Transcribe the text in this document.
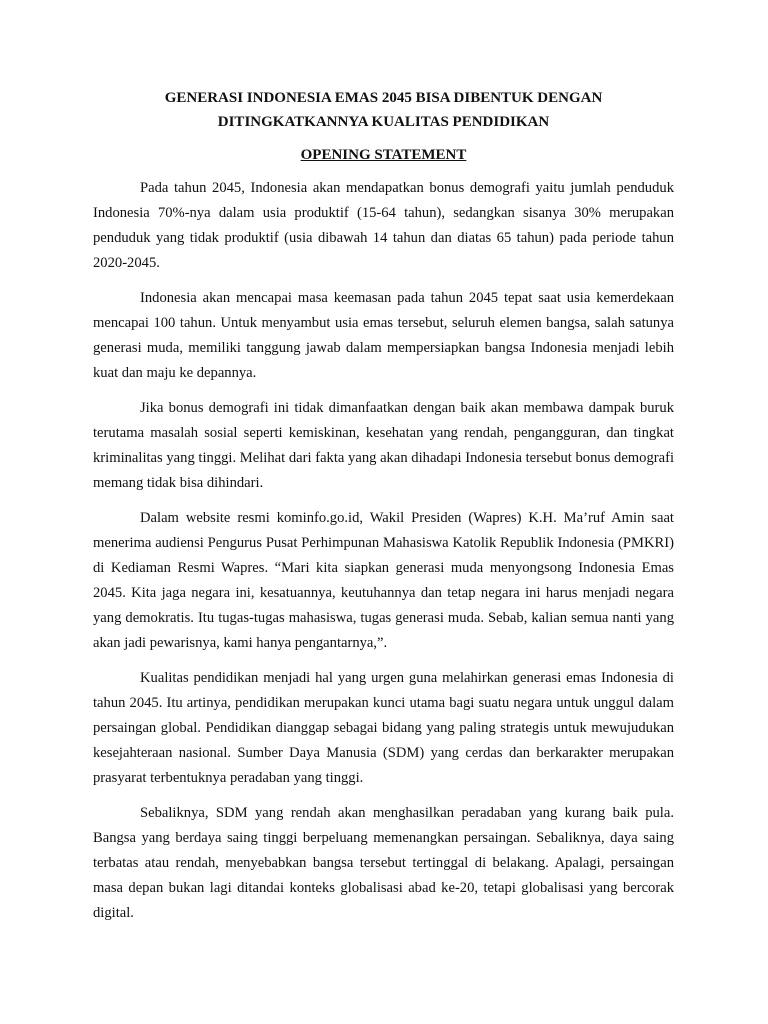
GENERASI INDONESIA EMAS 2045 BISA DIBENTUK DENGAN

DITINGKATKANNYA KUALITAS PENDIDIKAN

OPENING STATEMENT

Pada tahun 2045, Indonesia akan mendapatkan bonus demografi yaitu jumlah penduduk Indonesia 70%-nya dalam usia produktif (15-64 tahun), sedangkan sisanya 30% merupakan penduduk yang tidak produktif (usia dibawah 14 tahun dan diatas 65 tahun) pada periode tahun 2020-2045.

Indonesia akan mencapai masa keemasan pada tahun 2045 tepat saat usia kemerdekaan mencapai 100 tahun. Untuk menyambut usia emas tersebut, seluruh elemen bangsa, salah satunya generasi muda, memiliki tanggung jawab dalam mempersiapkan bangsa Indonesia menjadi lebih kuat dan maju ke depannya.

Jika bonus demografi ini tidak dimanfaatkan dengan baik akan membawa dampak buruk terutama masalah sosial seperti kemiskinan, kesehatan yang rendah, pengangguran, dan tingkat kriminalitas yang tinggi. Melihat dari fakta yang akan dihadapi Indonesia tersebut bonus demografi memang tidak bisa dihindari.

Dalam website resmi kominfo.go.id, Wakil Presiden (Wapres) K.H. Ma’ruf Amin saat menerima audiensi Pengurus Pusat Perhimpunan Mahasiswa Katolik Republik Indonesia (PMKRI) di Kediaman Resmi Wapres. “Mari kita siapkan generasi muda menyongsong Indonesia Emas 2045. Kita jaga negara ini, kesatuannya, keutuhannya dan tetap negara ini harus menjadi negara yang demokratis. Itu tugas-tugas mahasiswa, tugas generasi muda. Sebab, kalian semua nanti yang akan jadi pewarisnya, kami hanya pengantarnya,”.

Kualitas pendidikan menjadi hal yang urgen guna melahirkan generasi emas Indonesia di tahun 2045. Itu artinya, pendidikan merupakan kunci utama bagi suatu negara untuk unggul dalam persaingan global. Pendidikan dianggap sebagai bidang yang paling strategis untuk mewujudukan kesejahteraan nasional. Sumber Daya Manusia (SDM) yang cerdas dan berkarakter merupakan prasyarat terbentuknya peradaban yang tinggi.

Sebaliknya, SDM yang rendah akan menghasilkan peradaban yang kurang baik pula. Bangsa yang berdaya saing tinggi berpeluang memenangkan persaingan. Sebaliknya, daya saing terbatas atau rendah, menyebabkan bangsa tersebut tertinggal di belakang. Apalagi, persaingan masa depan bukan lagi ditandai konteks globalisasi abad ke-20, tetapi globalisasi yang bercorak digital.
